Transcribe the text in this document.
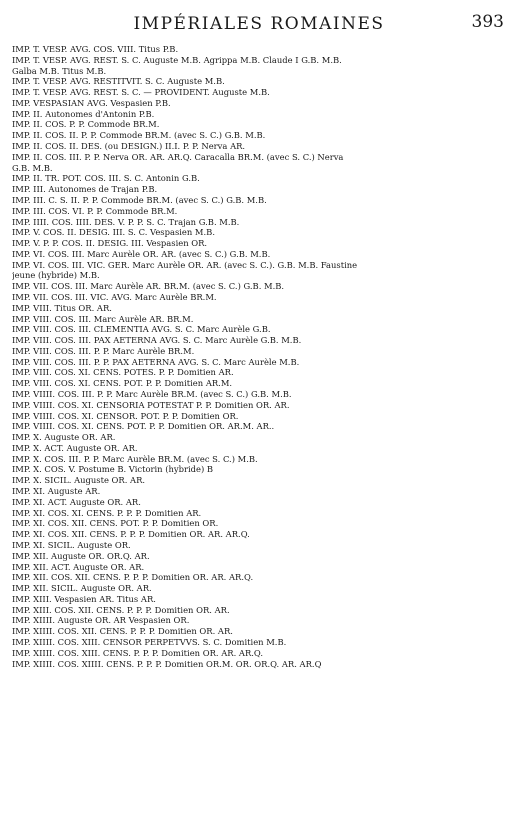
IMPÉRIALES ROMAINES	393
IMP. T. VESP. AVG. COS. VIII. Titus P.B.
IMP. T. VESP. AVG. REST. S. C. Auguste M.B. Agrippa M.B. Claude I G.B. M.B.
Galba M.B. Titus M.B.
IMP. T. VESP. AVG. RESTITVIT. S. C. Auguste M.B.
IMP. T. VESP. AVG. REST. S. C. — PROVIDENT. Auguste M.B.
IMP. VESPASIAN AVG. Vespasien P.B.
IMP. II. Autonomes d'Antonin P.B.
IMP. II. COS. P. P. Commode BR.M.
IMP. II. COS. II. P. P. Commode BR.M. (avec S. C.) G.B. M.B.
IMP. II. COS. II. DES. (ou DESIGN.) II.I. P. P. Nerva AR.
IMP. II. COS. III. P. P. Nerva OR. AR. AR.Q. Caracalla BR.M. (avec S. C.) Nerva
G.B. M.B.
IMP. II. TR. POT. COS. III. S. C. Antonin G.B.
IMP. III. Autonomes de Trajan P.B.
IMP. III. C. S. II. P. P. Commode BR.M. (avec S. C.) G.B. M.B.
IMP. III. COS. VI. P. P. Commode BR.M.
IMP. IIII. COS. IIII. DES. V. P. P. S. C. Trajan G.B. M.B.
IMP. V. COS. II. DESIG. III. S. C. Vespasien M.B.
IMP. V. P. P. COS. II. DESIG. III. Vespasien OR.
IMP. VI. COS. III. Marc Aurèle OR. AR. (avec S. C.) G.B. M.B.
IMP. VI. COS. III. VIC. GER. Marc Aurèle OR. AR. (avec S. C.). G.B. M.B. Faustine
jeune (hybride) M.B.
IMP. VII. COS. III. Marc Aurèle AR. BR.M. (avec S. C.) G.B. M.B.
IMP. VII. COS. III. VIC. AVG. Marc Aurèle BR.M.
IMP. VIII. Titus OR. AR.
IMP. VIII. COS. III. Marc Aurèle AR. BR.M.
IMP. VIII. COS. III. CLEMENTIA AVG. S. C. Marc Aurèle G.B.
IMP. VIII. COS. III. PAX AETERNA AVG. S. C. Marc Aurèle G.B. M.B.
IMP. VIII. COS. III. P. P. Marc Aurèle BR.M.
IMP. VIII. COS. III. P. P. PAX AETERNA AVG. S. C. Marc Aurèle M.B.
IMP. VIII. COS. XI. CENS. POTES. P. P. Domitien AR.
IMP. VIII. COS. XI. CENS. POT. P. P. Domitien AR.M.
IMP. VIIII. COS. III. P. P. Marc Aurèle BR.M. (avec S. C.) G.B. M.B.
IMP. VIIII. COS. XI. CENSORIA POTESTAT P. P. Domitien OR. AR.
IMP. VIIII. COS. XI. CENSOR. POT. P. P. Domitien OR.
IMP. VIIII. COS. XI. CENS. POT. P. P. Domitien OR. AR.M. AR..
IMP. X. Auguste OR. AR.
IMP. X. ACT. Auguste OR. AR.
IMP. X. COS. III. P. P. Marc Aurèle BR.M. (avec S. C.) M.B.
IMP. X. COS. V. Postume B. Victorin (hybride) B
IMP. X. SICIL. Auguste OR. AR.
IMP. XI. Auguste AR.
IMP. XI. ACT. Auguste OR. AR.
IMP. XI. COS. XI. CENS. P. P. P. Domitien AR.
IMP. XI. COS. XII. CENS. POT. P. P. Domitien OR.
IMP. XI. COS. XII. CENS. P. P. P. Domitien OR. AR. AR.Q.
IMP. XI. SICIL. Auguste OR.
IMP. XII. Auguste OR. OR.Q. AR.
IMP. XII. ACT. Auguste OR. AR.
IMP. XII. COS. XII. CENS. P. P. P. Domitien OR. AR. AR.Q.
IMP. XII. SICIL. Auguste OR. AR.
IMP. XIII. Vespasien AR. Titus AR.
IMP. XIII. COS. XII. CENS. P. P. P. Domitien OR. AR.
IMP. XIIII. Auguste OR. AR Vespasien OR.
IMP. XIIII. COS. XII. CENS. P. P. P. Domitien OR. AR.
IMP. XIIII. COS. XIII. CENSOR PERPETVVS. S. C. Domitien M.B.
IMP. XIIII. COS. XIII. CENS. P. P. P. Domitien OR. AR. AR.Q.
IMP. XIIII. COS. XIIII. CENS. P. P. P. Domitien OR.M. OR. OR.Q. AR. AR.Q
